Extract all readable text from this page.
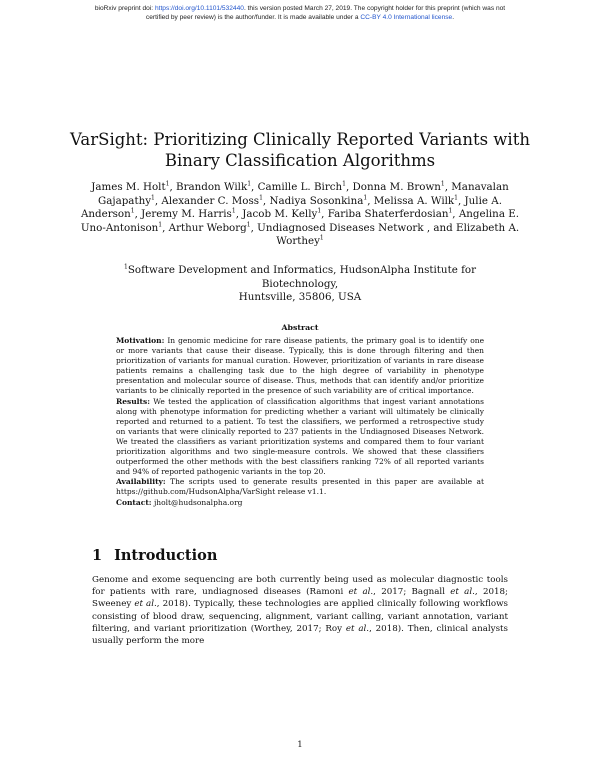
bioRxiv preprint doi: https://doi.org/10.1101/532440. this version posted March 27, 2019. The copyright holder for this preprint (which was not
certified by peer review) is the author/funder. It is made available under a CC-BY 4.0 International license.
VarSight: Prioritizing Clinically Reported Variants with
Binary Classification Algorithms
James M. Holt$^1$, Brandon Wilk$^1$, Camille L. Birch$^1$, Donna M. Brown$^1$, Manavalan Gajapathy$^1$, Alexander C. Moss$^1$, Nadiya Sosonkina$^1$, Melissa A. Wilk$^1$, Julie A. Anderson$^1$, Jeremy M. Harris$^1$, Jacob M. Kelly$^1$, Fariba Shaterferdosian$^1$, Angelina E. Uno-Antonison$^1$, Arthur Weborg$^1$, Undiagnosed Diseases Network , and Elizabeth A. Worthey$^1$
$^1$Software Development and Informatics, HudsonAlpha Institute for Biotechnology,
Huntsville, 35806, USA
Abstract

Motivation: In genomic medicine for rare disease patients, the primary goal is to identify one or more variants that cause their disease. Typically, this is done through filtering and then prioritization of variants for manual curation. However, prioritization of variants in rare disease patients remains a challenging task due to the high degree of variability in phenotype presentation and molecular source of disease. Thus, methods that can identify and/or prioritize variants to be clinically reported in the presence of such variability are of critical importance.

Results: We tested the application of classification algorithms that ingest variant annotations along with phenotype information for predicting whether a variant will ultimately be clinically reported and returned to a patient. To test the classifiers, we performed a retrospective study on variants that were clinically reported to 237 patients in the Undiagnosed Diseases Network. We treated the classifiers as variant prioritization systems and compared them to four variant prioritization algorithms and two single-measure controls. We showed that these classifiers outperformed the other methods with the best classifiers ranking 72% of all reported variants and 94% of reported pathogenic variants in the top 20.

Availability: The scripts used to generate results presented in this paper are available at https://github.com/HudsonAlpha/VarSight release v1.1.

Contact: jholt@hudsonalpha.org

1 Introduction
Genome and exome sequencing are both currently being used as molecular diagnostic tools for patients with rare, undiagnosed diseases (Ramoni et al., 2017; Bagnall et al., 2018; Sweeney et al., 2018). Typically, these technologies are applied clinically following workflows consisting of blood draw, sequencing, alignment, variant calling, variant annotation, variant filtering, and variant prioritization (Worthey, 2017; Roy et al., 2018). Then, clinical analysts usually perform the more
1
